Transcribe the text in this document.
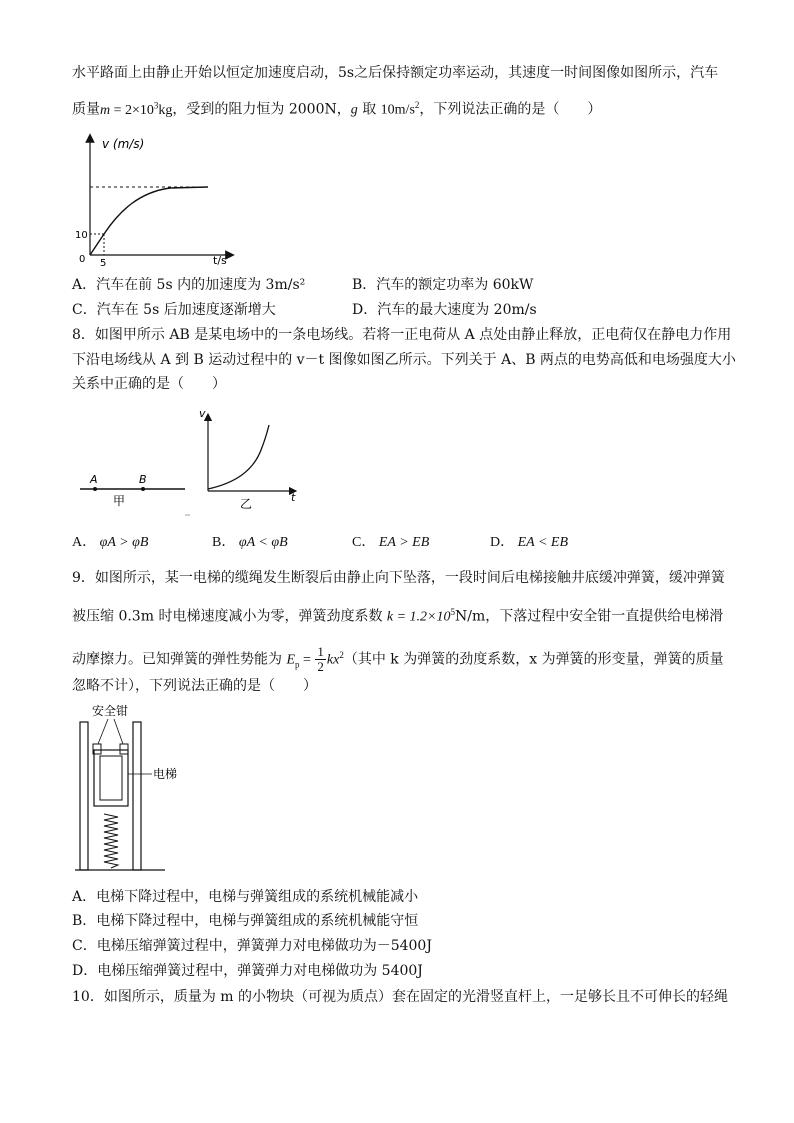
水平路面上由静止开始以恒定加速度启动，5s之后保持额定功率运动，其速度一时间图像如图所示，汽车
质量$m = 2\times 10^3kg$，受到的阻力恒为 2000N，g 取 $10m/s^2$，下列说法正确的是（　　）
v (m/s)
t/s
10
5
0
A．汽车在前 5s 内的加速度为 3m/s²	B．汽车的额定功率为 60kW
C．汽车在 5s 后加速度逐渐增大	D．汽车的最大速度为 20m/s
8．如图甲所示 AB 是某电场中的一条电场线。若将一正电荷从 A 点处由静止释放，正电荷仅在静电力作用
下沿电场线从 A 到 B 运动过程中的 v－t 图像如图乙所示。下列关于 A、B 两点的电势高低和电场强度大小
关系中正确的是（　　）
A	B
甲
v
t
乙
A． φA > φB	B． φA < φB	C． EA > EB	D． EA < EB
9．如图所示，某一电梯的缆绳发生断裂后由静止向下坠落，一段时间后电梯接触井底缓冲弹簧，缓冲弹簧
被压缩 0.3m 时电梯速度减小为零，弹簧劲度系数 $k = 1.2\times 10^5N/m$，下落过程中安全钳一直提供给电梯滑
动摩擦力。已知弹簧的弹性势能为 $E_p = \frac{1}{2} kx^2$（其中 k 为弹簧的劲度系数，x 为弹簧的形变量，弹簧的质量
忽略不计），下列说法正确的是（　　）
安全钳
电梯
A．电梯下降过程中，电梯与弹簧组成的系统机械能减小
B．电梯下降过程中，电梯与弹簧组成的系统机械能守恒
C．电梯压缩弹簧过程中，弹簧弹力对电梯做功为－5400J
D．电梯压缩弹簧过程中，弹簧弹力对电梯做功为 5400J
10．如图所示，质量为 m 的小物块（可视为质点）套在固定的光滑竖直杆上，一足够长且不可伸长的轻绳
